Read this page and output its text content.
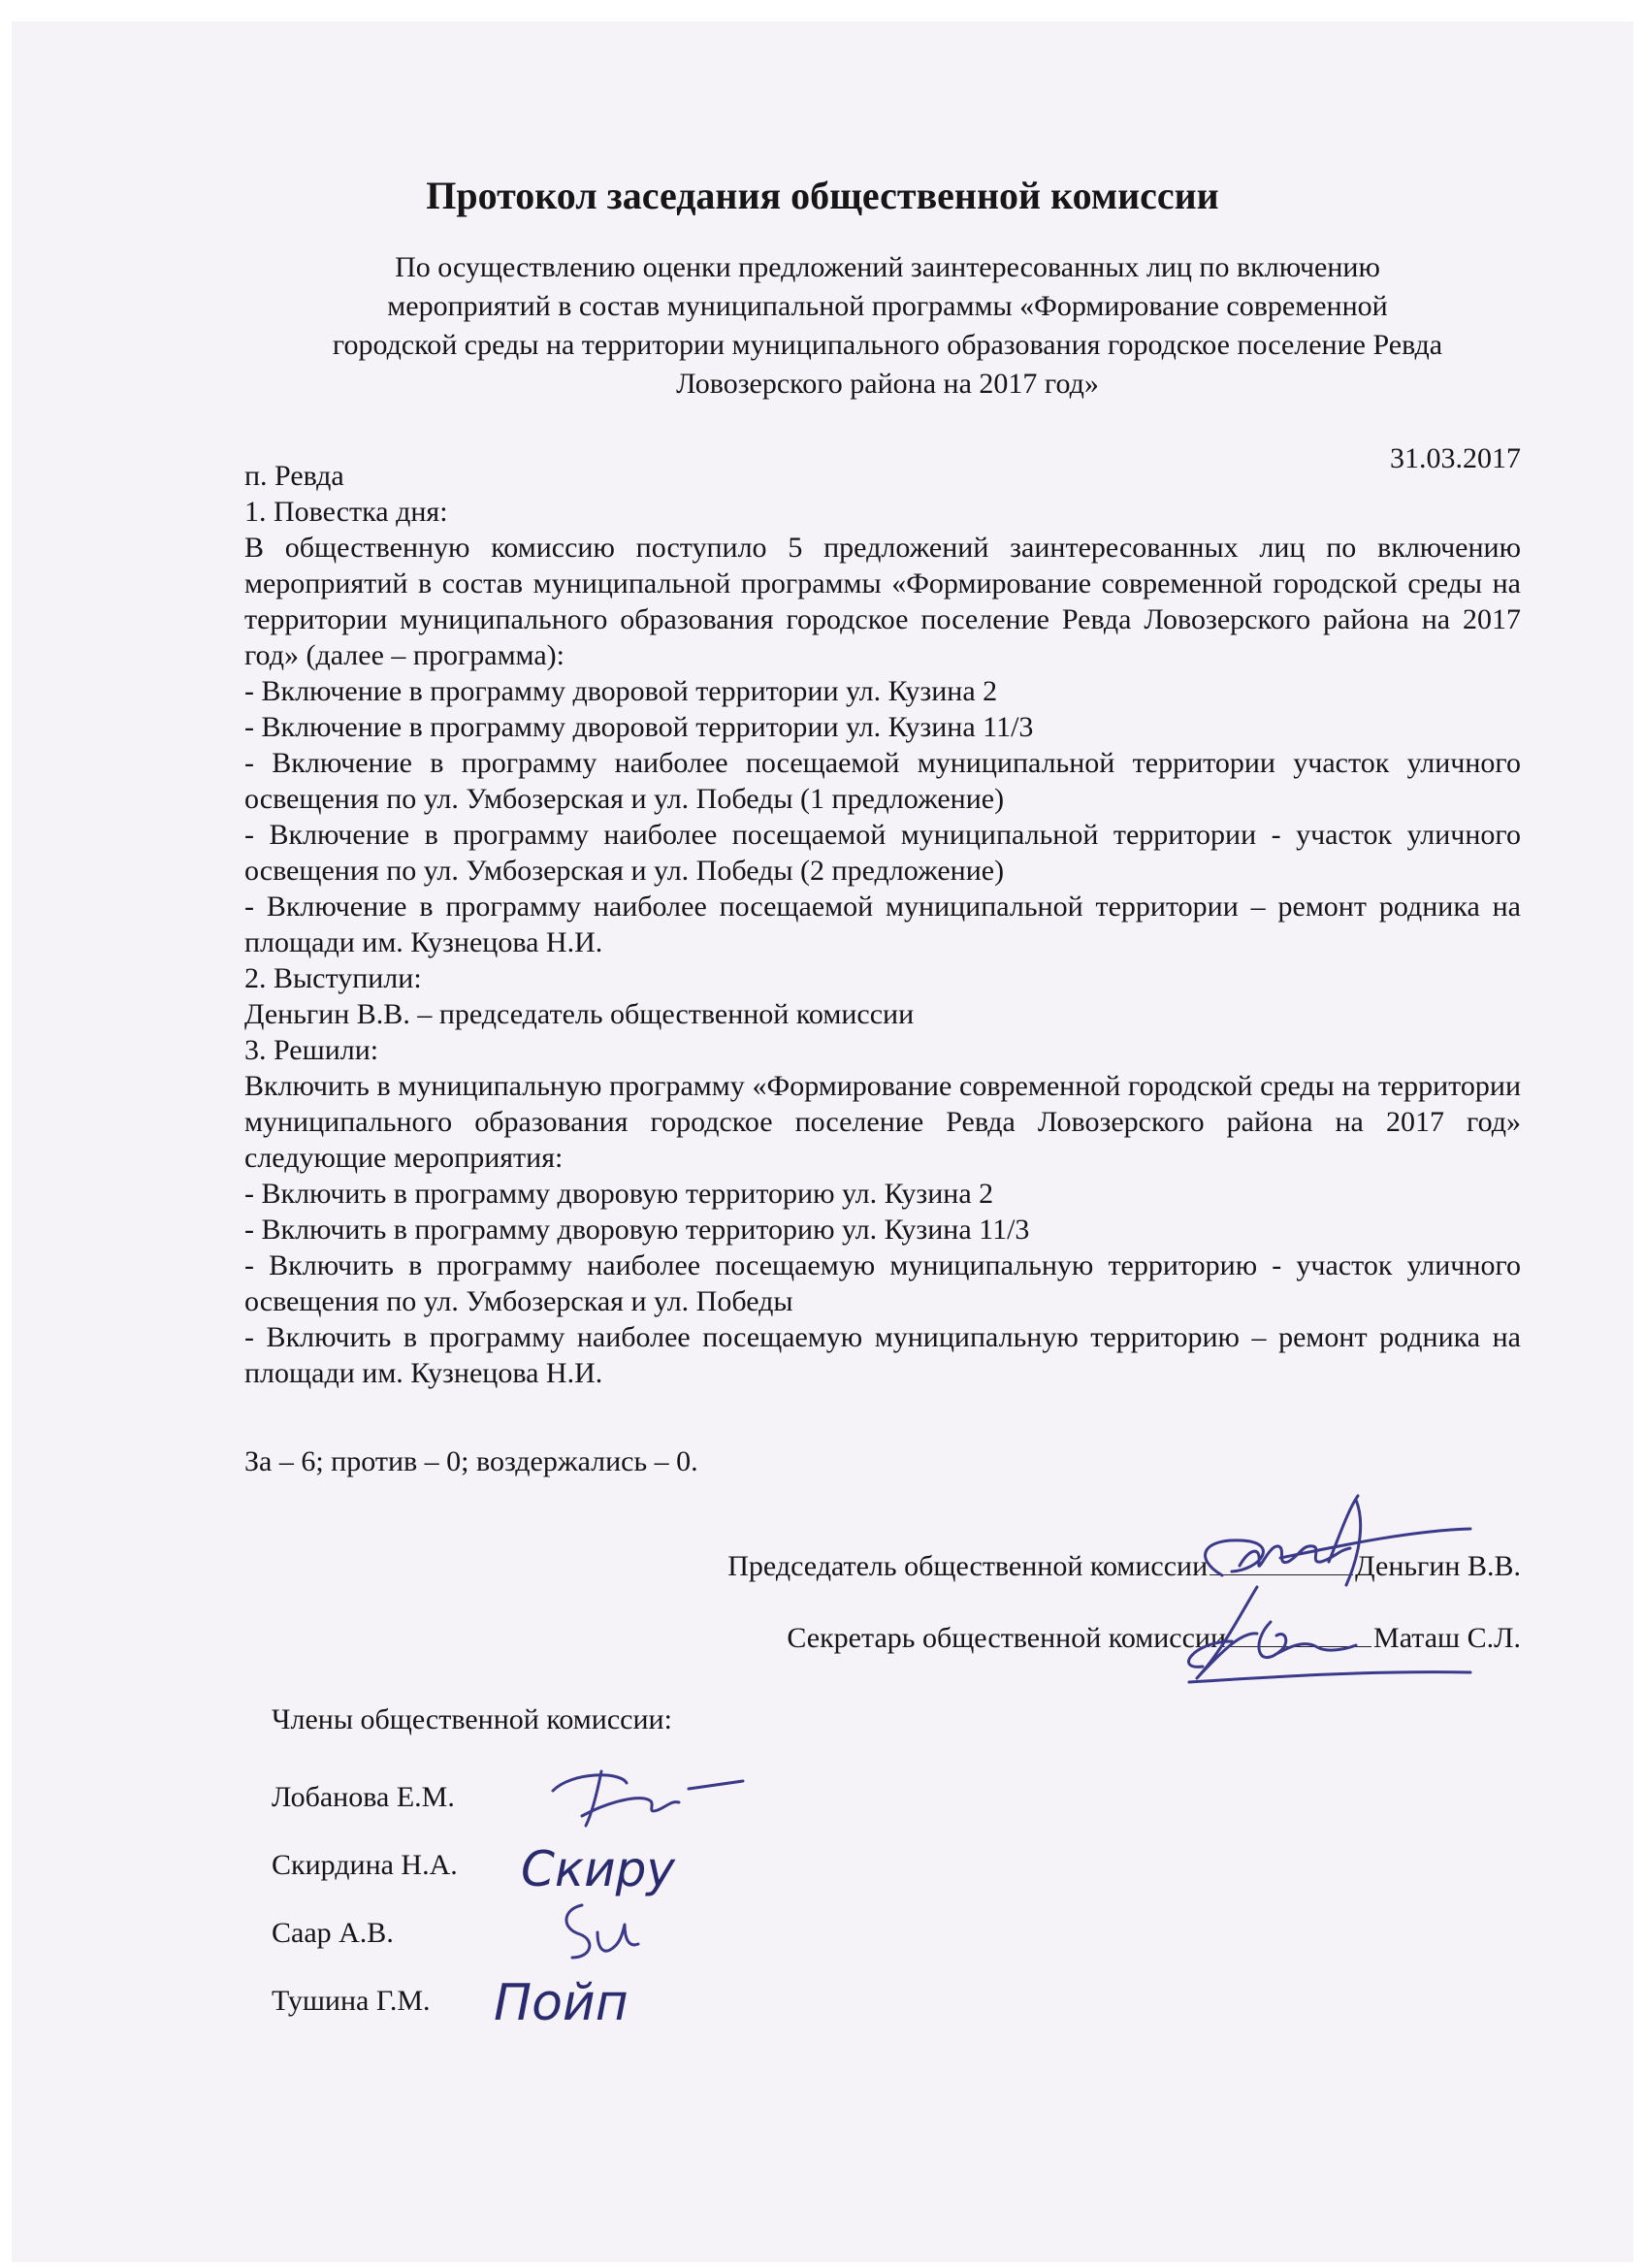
Протокол заседания общественной комиссии
По осуществлению оценки предложений заинтересованных лиц по включению
мероприятий в состав муниципальной программы «Формирование современной
городской среды на территории муниципального образования городское поселение Ревда
Ловозерского района на 2017 год»
п. Ревда
31.03.2017

1. Повестка дня:

В общественную комиссию поступило 5 предложений заинтересованных лиц по включению мероприятий в состав муниципальной программы «Формирование современной городской среды на территории муниципального образования городское поселение Ревда Ловозерского района на 2017 год» (далее – программа):

- Включение в программу дворовой территории ул. Кузина 2

- Включение в программу дворовой территории ул. Кузина 11/3

- Включение в программу наиболее посещаемой муниципальной территории участок уличного освещения по ул. Умбозерская и ул. Победы (1 предложение)

- Включение в программу наиболее посещаемой муниципальной территории - участок уличного освещения по ул. Умбозерская и ул. Победы (2 предложение)

- Включение в программу наиболее посещаемой муниципальной территории – ремонт родника на площади им. Кузнецова Н.И.

2. Выступили:

Деньгин В.В. – председатель общественной комиссии

3. Решили:

Включить в муниципальную программу «Формирование современной городской среды на территории муниципального образования городское поселение Ревда Ловозерского района на 2017 год» следующие мероприятия:

- Включить в программу дворовую территорию ул. Кузина 2

- Включить в программу дворовую территорию ул. Кузина 11/3

- Включить в программу наиболее посещаемую муниципальную территорию - участок уличного освещения по ул. Умбозерская и ул. Победы

- Включить в программу наиболее посещаемую муниципальную территорию – ремонт родника на площади им. Кузнецова Н.И.

За – 6; против – 0; воздержались – 0.

Председатель общественной комиссии	Деньгин В.В.
Секретарь общественной комиссии	Маташ С.Л.
Члены общественной комиссии:
Лобанова Е.М.
Скирдина Н.А.
Саар А.В.
Тушина Г.М.
Скиру
Пойп
